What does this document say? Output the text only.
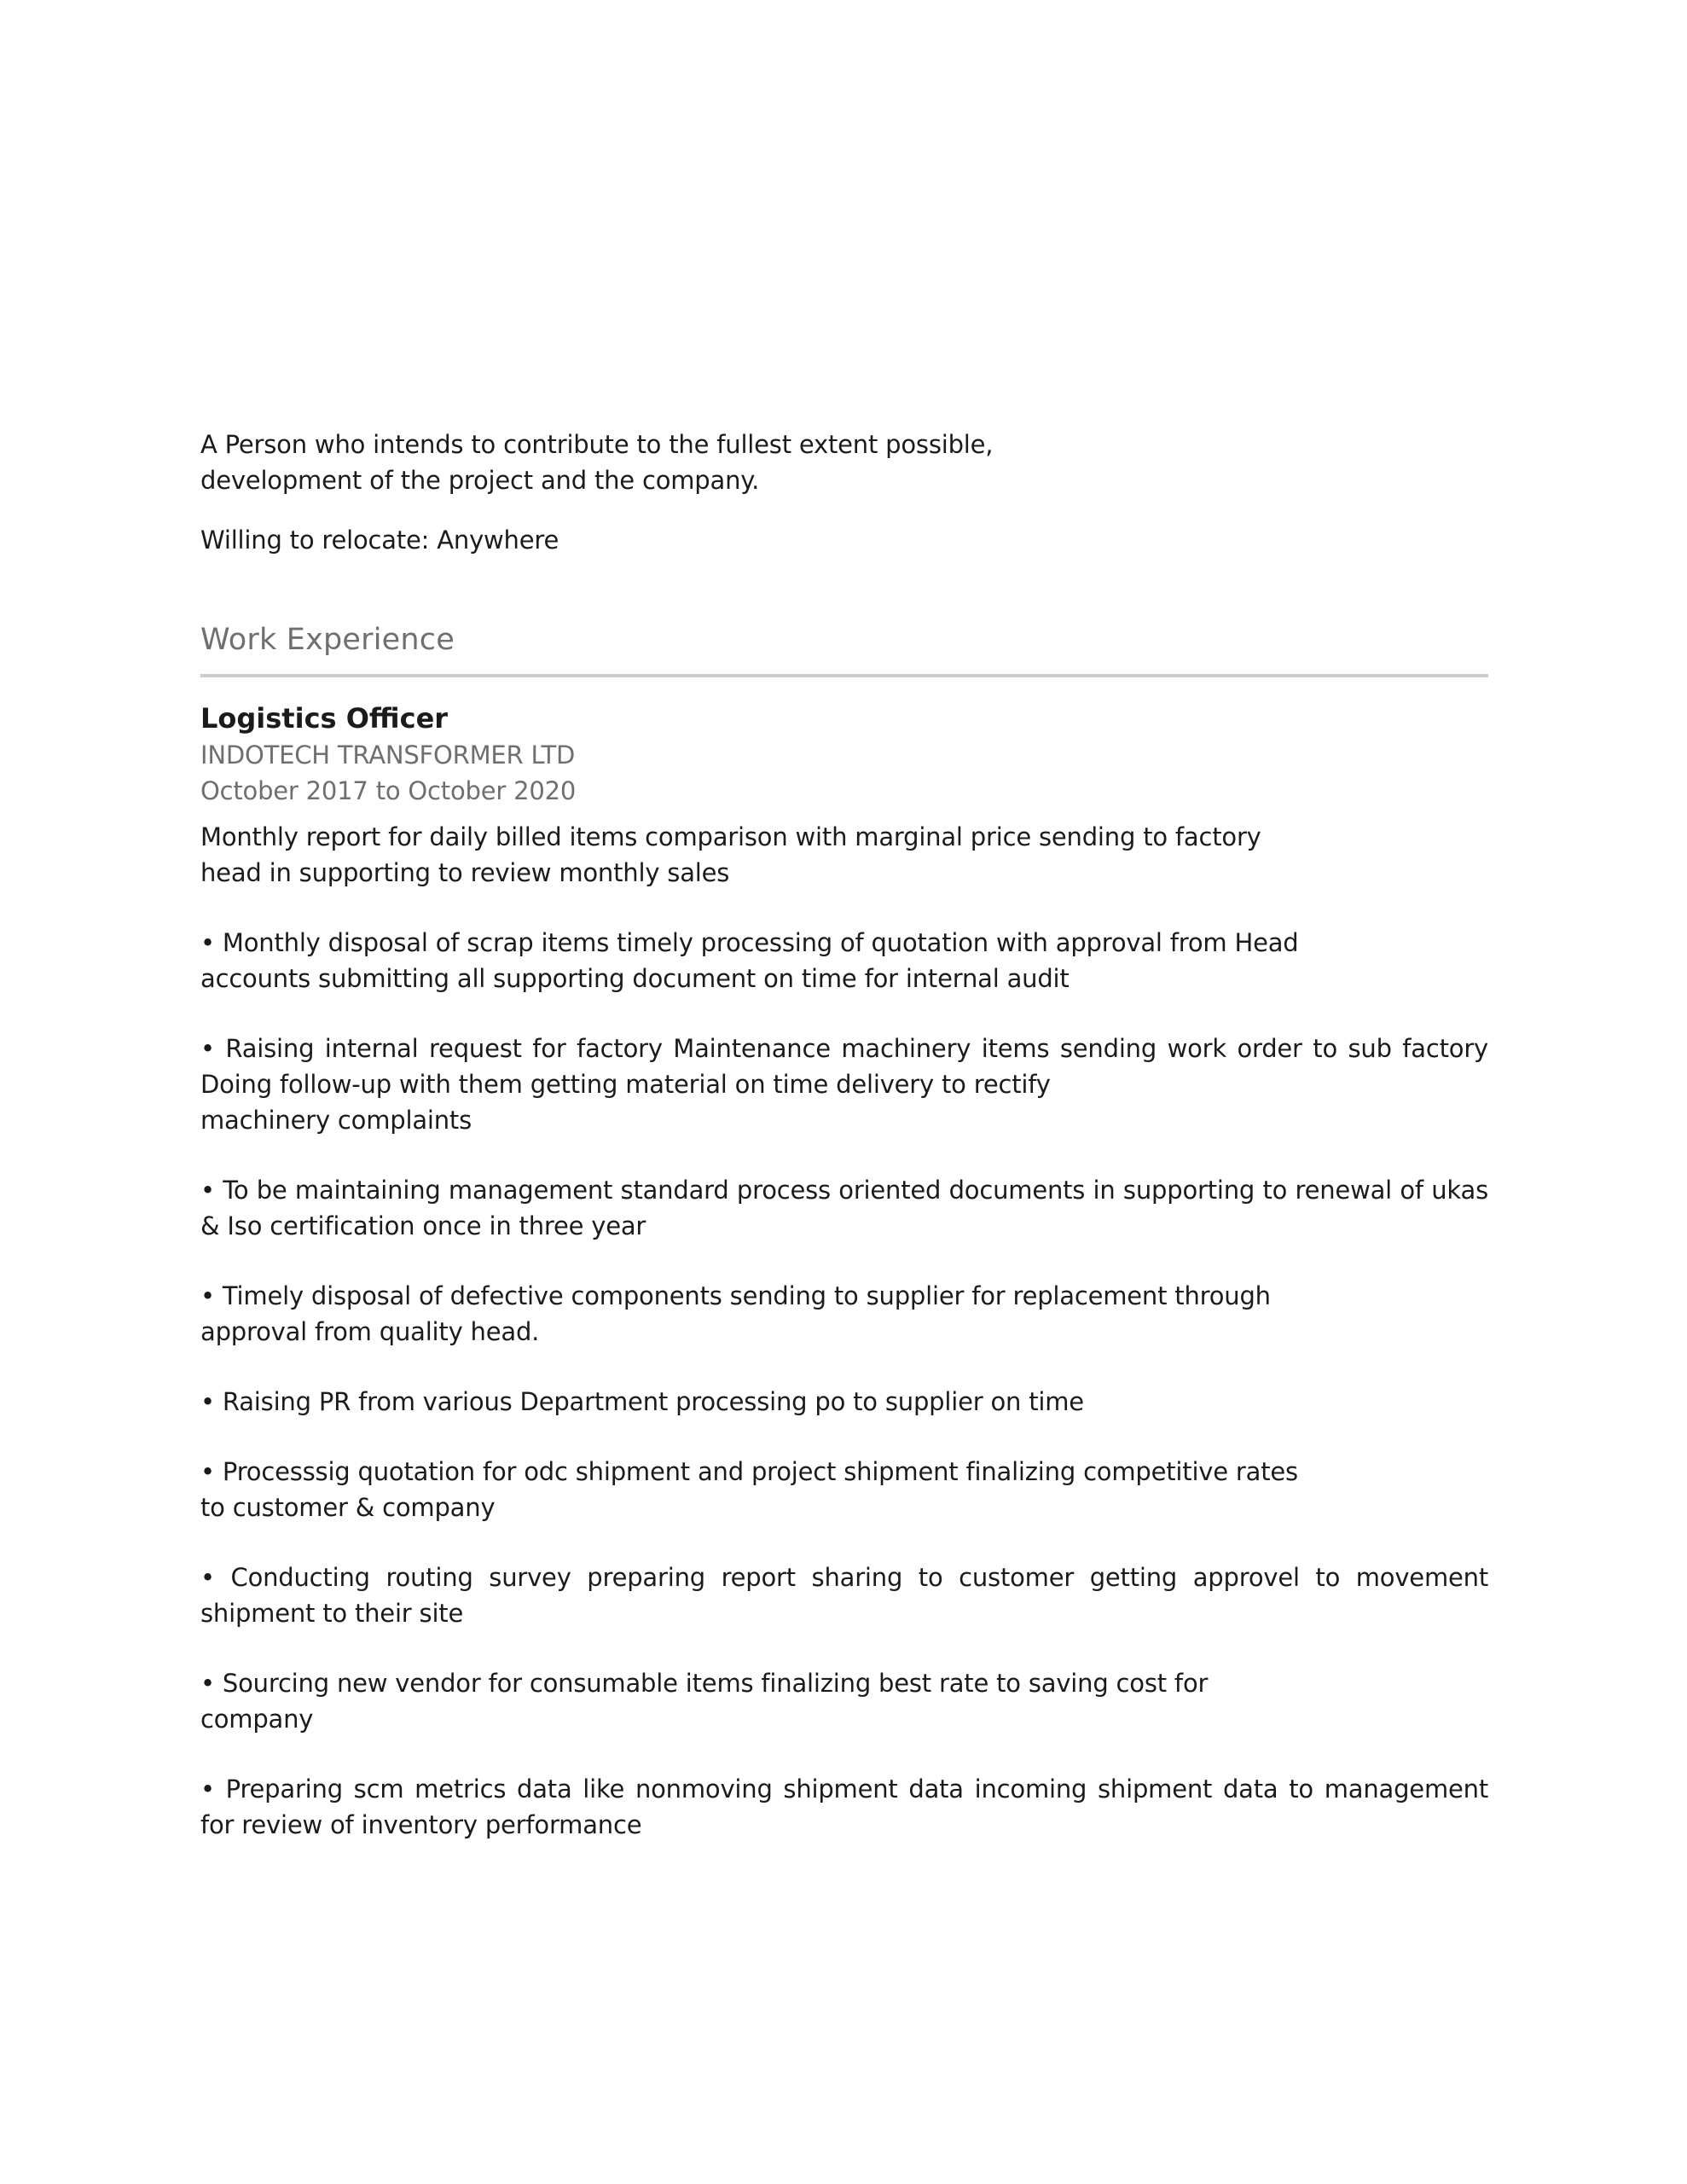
A Person who intends to contribute to the fullest extent possible,
development of the project and the company.
Willing to relocate: Anywhere
Work Experience
Logistics Officer
INDOTECH TRANSFORMER LTD
October 2017 to October 2020
Monthly report for daily billed items comparison with marginal price sending to factory
head in supporting to review monthly sales
• Monthly disposal of scrap items timely processing of quotation with approval from Head
accounts submitting all supporting document on time for internal audit
• Raising internal request for factory Maintenance machinery items sending work order to sub factory
Doing follow-up with them getting material on time delivery to rectify
machinery complaints
• To be maintaining management standard process oriented documents in supporting to renewal of ukas
& Iso certification once in three year
• Timely disposal of defective components sending to supplier for replacement through
approval from quality head.
• Raising PR from various Department processing po to supplier on time
• Processsig quotation for odc shipment and project shipment finalizing competitive rates
to customer & company
• Conducting routing survey preparing report sharing to customer getting approvel to movement
shipment to their site
• Sourcing new vendor for consumable items finalizing best rate to saving cost for
company
• Preparing scm metrics data like nonmoving shipment data incoming shipment data to management
for review of inventory performance
